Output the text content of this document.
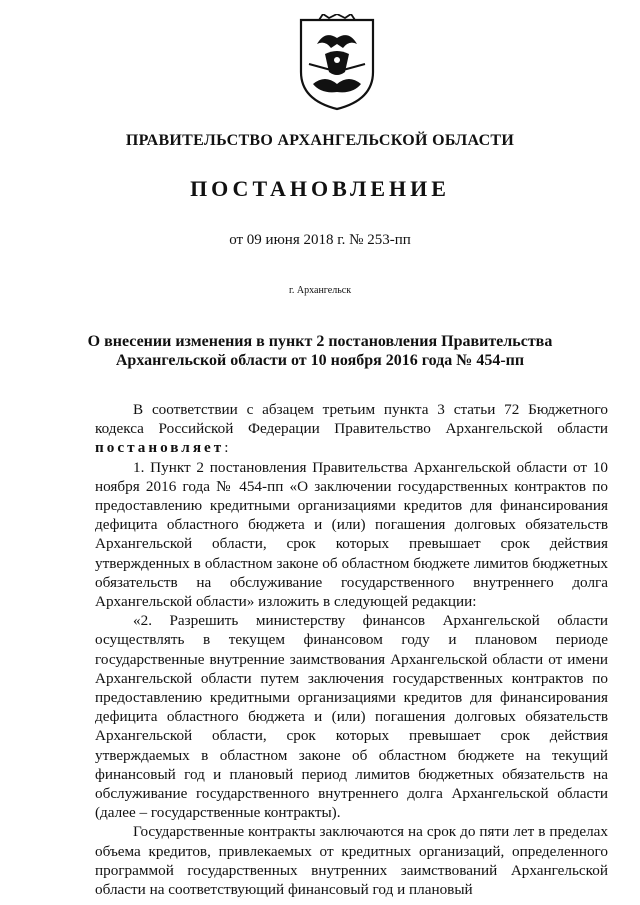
ПРАВИТЕЛЬСТВО АРХАНГЕЛЬСКОЙ ОБЛАСТИ
ПОСТАНОВЛЕНИЕ
от 09 июня 2018 г. № 253-пп
г. Архангельск
О внесении изменения в пункт 2 постановления Правительства
Архангельской области от 10 ноября 2016 года № 454-пп

В соответствии с абзацем третьим пункта 3 статьи 72 Бюджетного кодекса Российской Федерации Правительство Архангельской области постановляет:

1. Пункт 2 постановления Правительства Архангельской области от 10 ноября 2016 года № 454-пп «О заключении государственных контрактов по предоставлению кредитными организациями кредитов для финансирования дефицита областного бюджета и (или) погашения долговых обязательств Архангельской области, срок которых превышает срок действия утвержденных в областном законе об областном бюджете лимитов бюджетных обязательств на обслуживание государственного внутреннего долга Архангельской области» изложить в следующей редакции:

«2. Разрешить министерству финансов Архангельской области осуществлять в текущем финансовом году и плановом периоде государственные внутренние заимствования Архангельской области от имени Архангельской области путем заключения государственных контрактов по предоставлению кредитными организациями кредитов для финансирования дефицита областного бюджета и (или) погашения долговых обязательств Архангельской области, срок которых превышает срок действия утверждаемых в областном законе об областном бюджете на текущий финансовый год и плановый период лимитов бюджетных обязательств на обслуживание государственного внутреннего долга Архангельской области (далее – государственные контракты).

Государственные контракты заключаются на срок до пяти лет в пределах объема кредитов, привлекаемых от кредитных организаций, определенного программой государственных внутренних заимствований Архангельской области на соответствующий финансовый год и плановый
